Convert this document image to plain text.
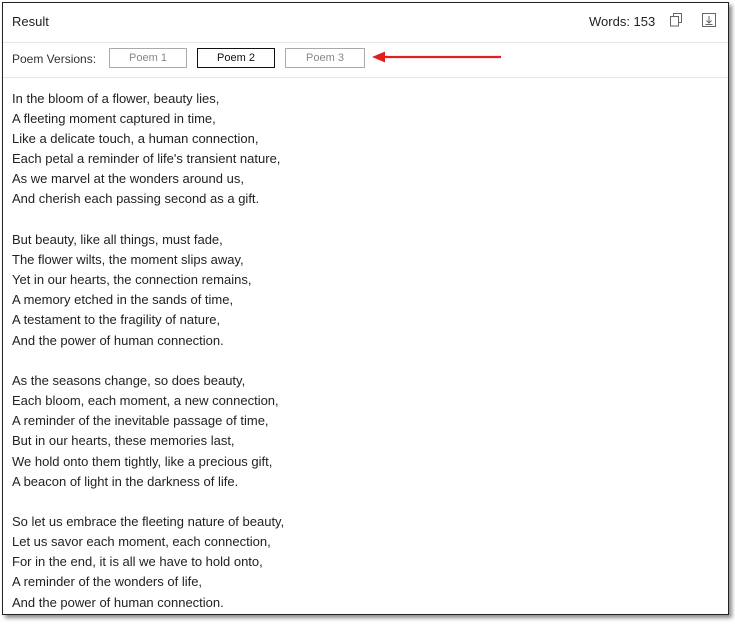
Result	Words: 153
Poem Versions:	Poem 1	Poem 2	Poem 3
In the bloom of a flower, beauty lies,
A fleeting moment captured in time,
Like a delicate touch, a human connection,
Each petal a reminder of life's transient nature,
As we marvel at the wonders around us,
And cherish each passing second as a gift.
But beauty, like all things, must fade,
The flower wilts, the moment slips away,
Yet in our hearts, the connection remains,
A memory etched in the sands of time,
A testament to the fragility of nature,
And the power of human connection.
As the seasons change, so does beauty,
Each bloom, each moment, a new connection,
A reminder of the inevitable passage of time,
But in our hearts, these memories last,
We hold onto them tightly, like a precious gift,
A beacon of light in the darkness of life.
So let us embrace the fleeting nature of beauty,
Let us savor each moment, each connection,
For in the end, it is all we have to hold onto,
A reminder of the wonders of life,
And the power of human connection.
